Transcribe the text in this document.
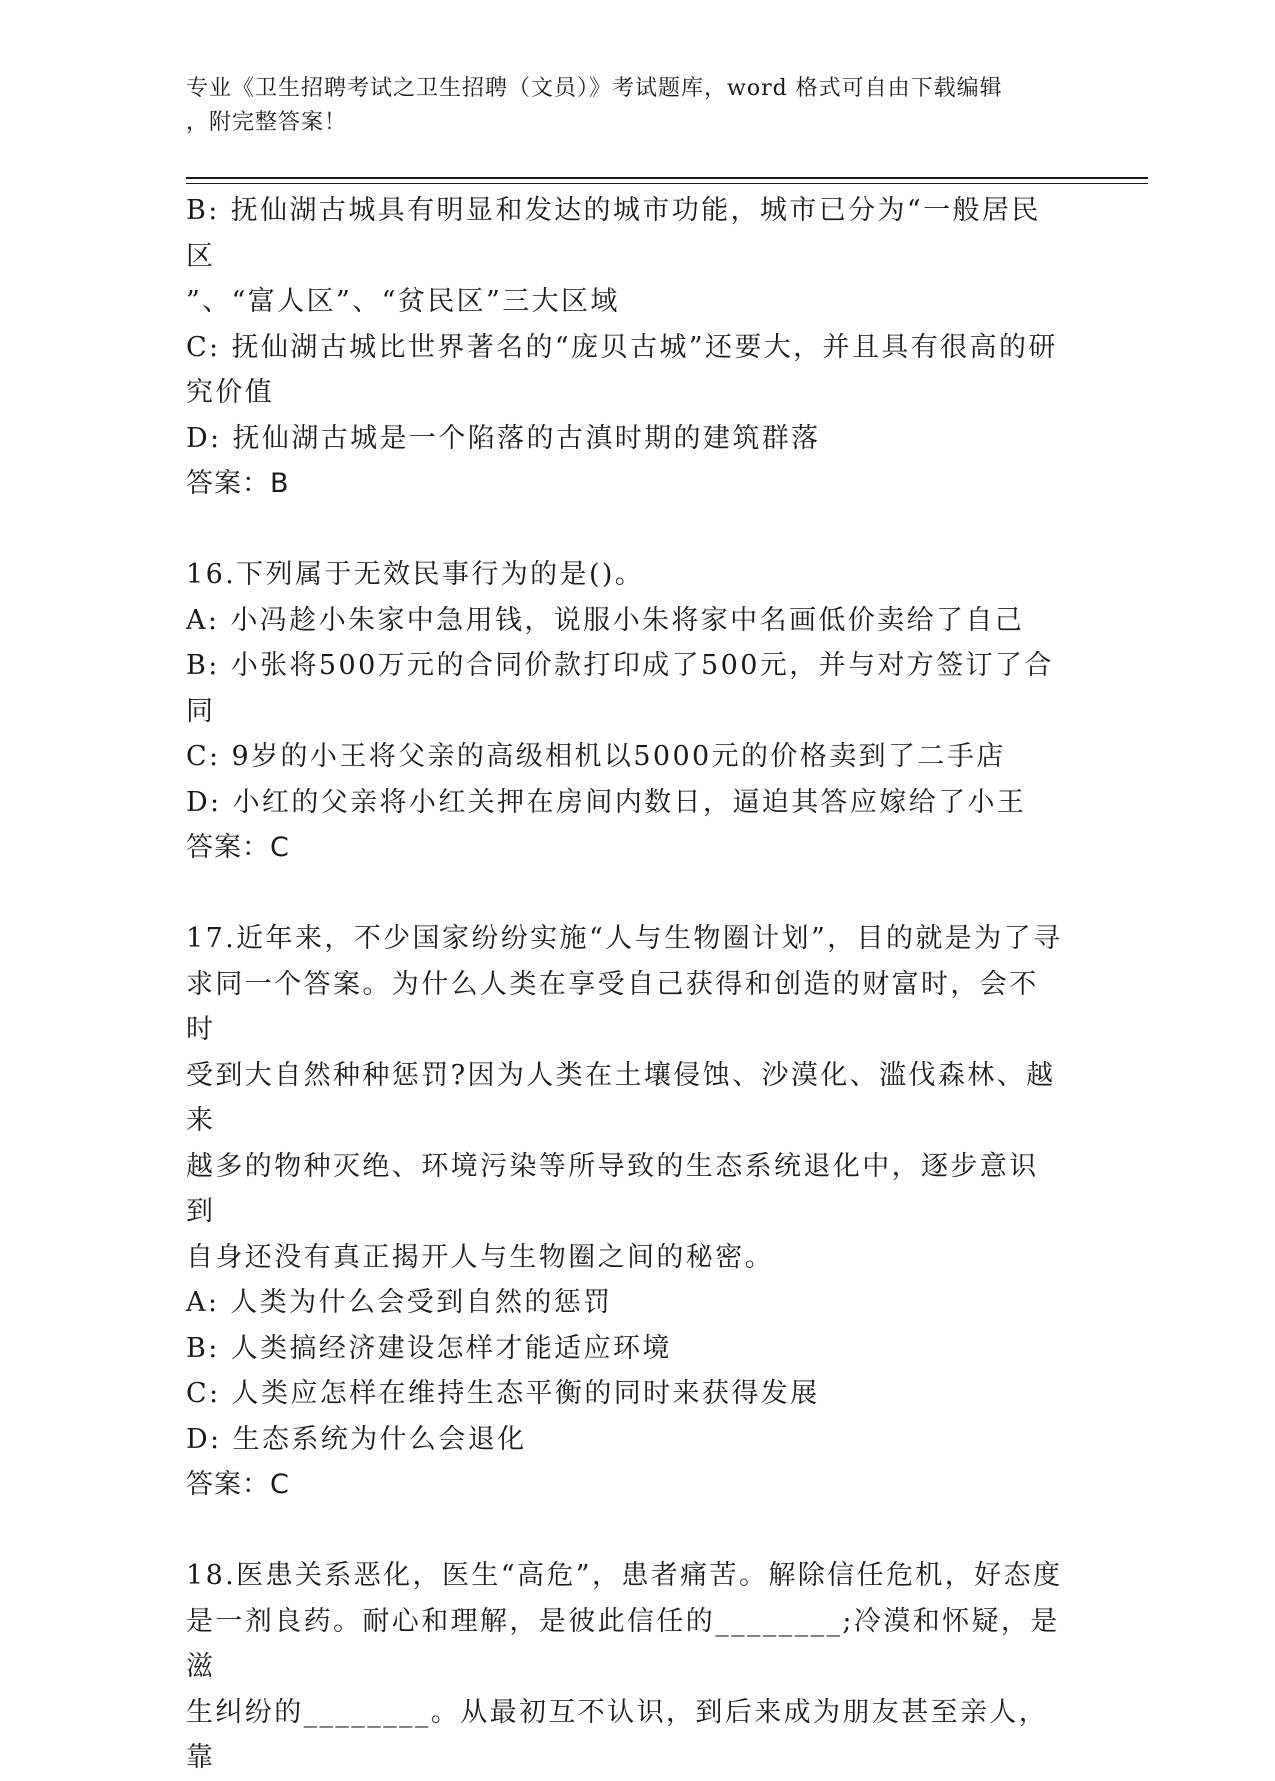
专业《卫生招聘考试之卫生招聘（文员）》考试题库，word 格式可自由下载编辑
，附完整答案！
B: 抚仙湖古城具有明显和发达的城市功能，城市已分为“一般居民区
”、“富人区”、“贫民区”三大区域
C: 抚仙湖古城比世界著名的“庞贝古城”还要大，并且具有很高的研
究价值
D: 抚仙湖古城是一个陷落的古滇时期的建筑群落
答案：B
16.下列属于无效民事行为的是()。
A: 小冯趁小朱家中急用钱，说服小朱将家中名画低价卖给了自己
B: 小张将500万元的合同价款打印成了500元，并与对方签订了合同
C: 9岁的小王将父亲的高级相机以5000元的价格卖到了二手店
D: 小红的父亲将小红关押在房间内数日，逼迫其答应嫁给了小王
答案：C
17.近年来，不少国家纷纷实施“人与生物圈计划”，目的就是为了寻
求同一个答案。为什么人类在享受自己获得和创造的财富时，会不时
受到大自然种种惩罚?因为人类在土壤侵蚀、沙漠化、滥伐森林、越来
越多的物种灭绝、环境污染等所导致的生态系统退化中，逐步意识到
自身还没有真正揭开人与生物圈之间的秘密。
A: 人类为什么会受到自然的惩罚
B: 人类搞经济建设怎样才能适应环境
C: 人类应怎样在维持生态平衡的同时来获得发展
D: 生态系统为什么会退化
答案：C
18.医患关系恶化，医生“高危”，患者痛苦。解除信任危机，好态度
是一剂良药。耐心和理解，是彼此信任的________;冷漠和怀疑，是滋
生纠纷的________。从最初互不认识，到后来成为朋友甚至亲人，靠
